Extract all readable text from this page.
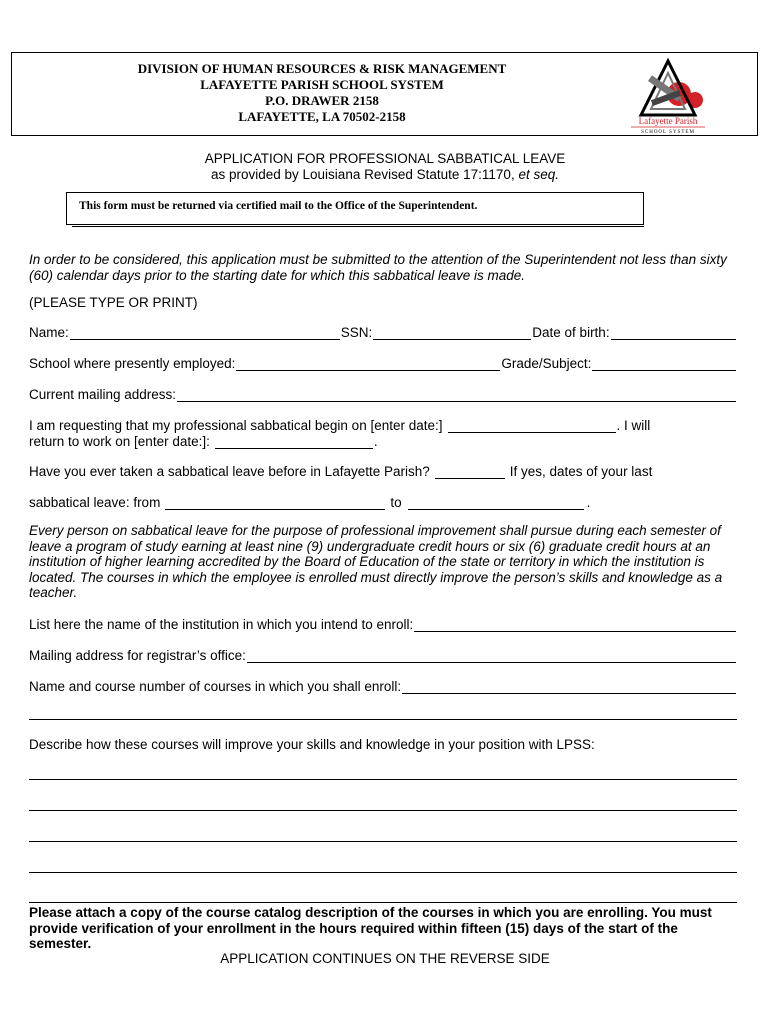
DIVISION OF HUMAN RESOURCES & RISK MANAGEMENT
LAFAYETTE PARISH SCHOOL SYSTEM
P.O. DRAWER 2158
LAFAYETTE, LA 70502-2158	Lafayette Parish
SCHOOL SYSTEM
APPLICATION FOR PROFESSIONAL SABBATICAL LEAVE
as provided by Louisiana Revised Statute 17:1170, et seq.
This form must be returned via certified mail to the Office of the Superintendent.
In order to be considered, this application must be submitted to the attention of the Superintendent not less than sixty (60) calendar days prior to the starting date for which this sabbatical leave is made.
(PLEASE TYPE OR PRINT)
Name:	SSN:	Date of birth:
School where presently employed:	Grade/Subject:
Current mailing address:
I am requesting that my professional sabbatical begin on [enter date:]	. I will
return to work on [enter date:]:	.
Have you ever taken a sabbatical leave before in Lafayette Parish?	If yes, dates of your last
sabbatical leave: from	to	.
Every person on sabbatical leave for the purpose of professional improvement shall pursue during each semester of leave a program of study earning at least nine (9) undergraduate credit hours or six (6) graduate credit hours at an institution of higher learning accredited by the Board of Education of the state or territory in which the institution is located. The courses in which the employee is enrolled must directly improve the person’s skills and knowledge as a teacher.
List here the name of the institution in which you intend to enroll:
Mailing address for registrar’s office:
Name and course number of courses in which you shall enroll:
Describe how these courses will improve your skills and knowledge in your position with LPSS:
Please attach a copy of the course catalog description of the courses in which you are enrolling. You must provide verification of your enrollment in the hours required within fifteen (15) days of the start of the semester.
APPLICATION CONTINUES ON THE REVERSE SIDE
